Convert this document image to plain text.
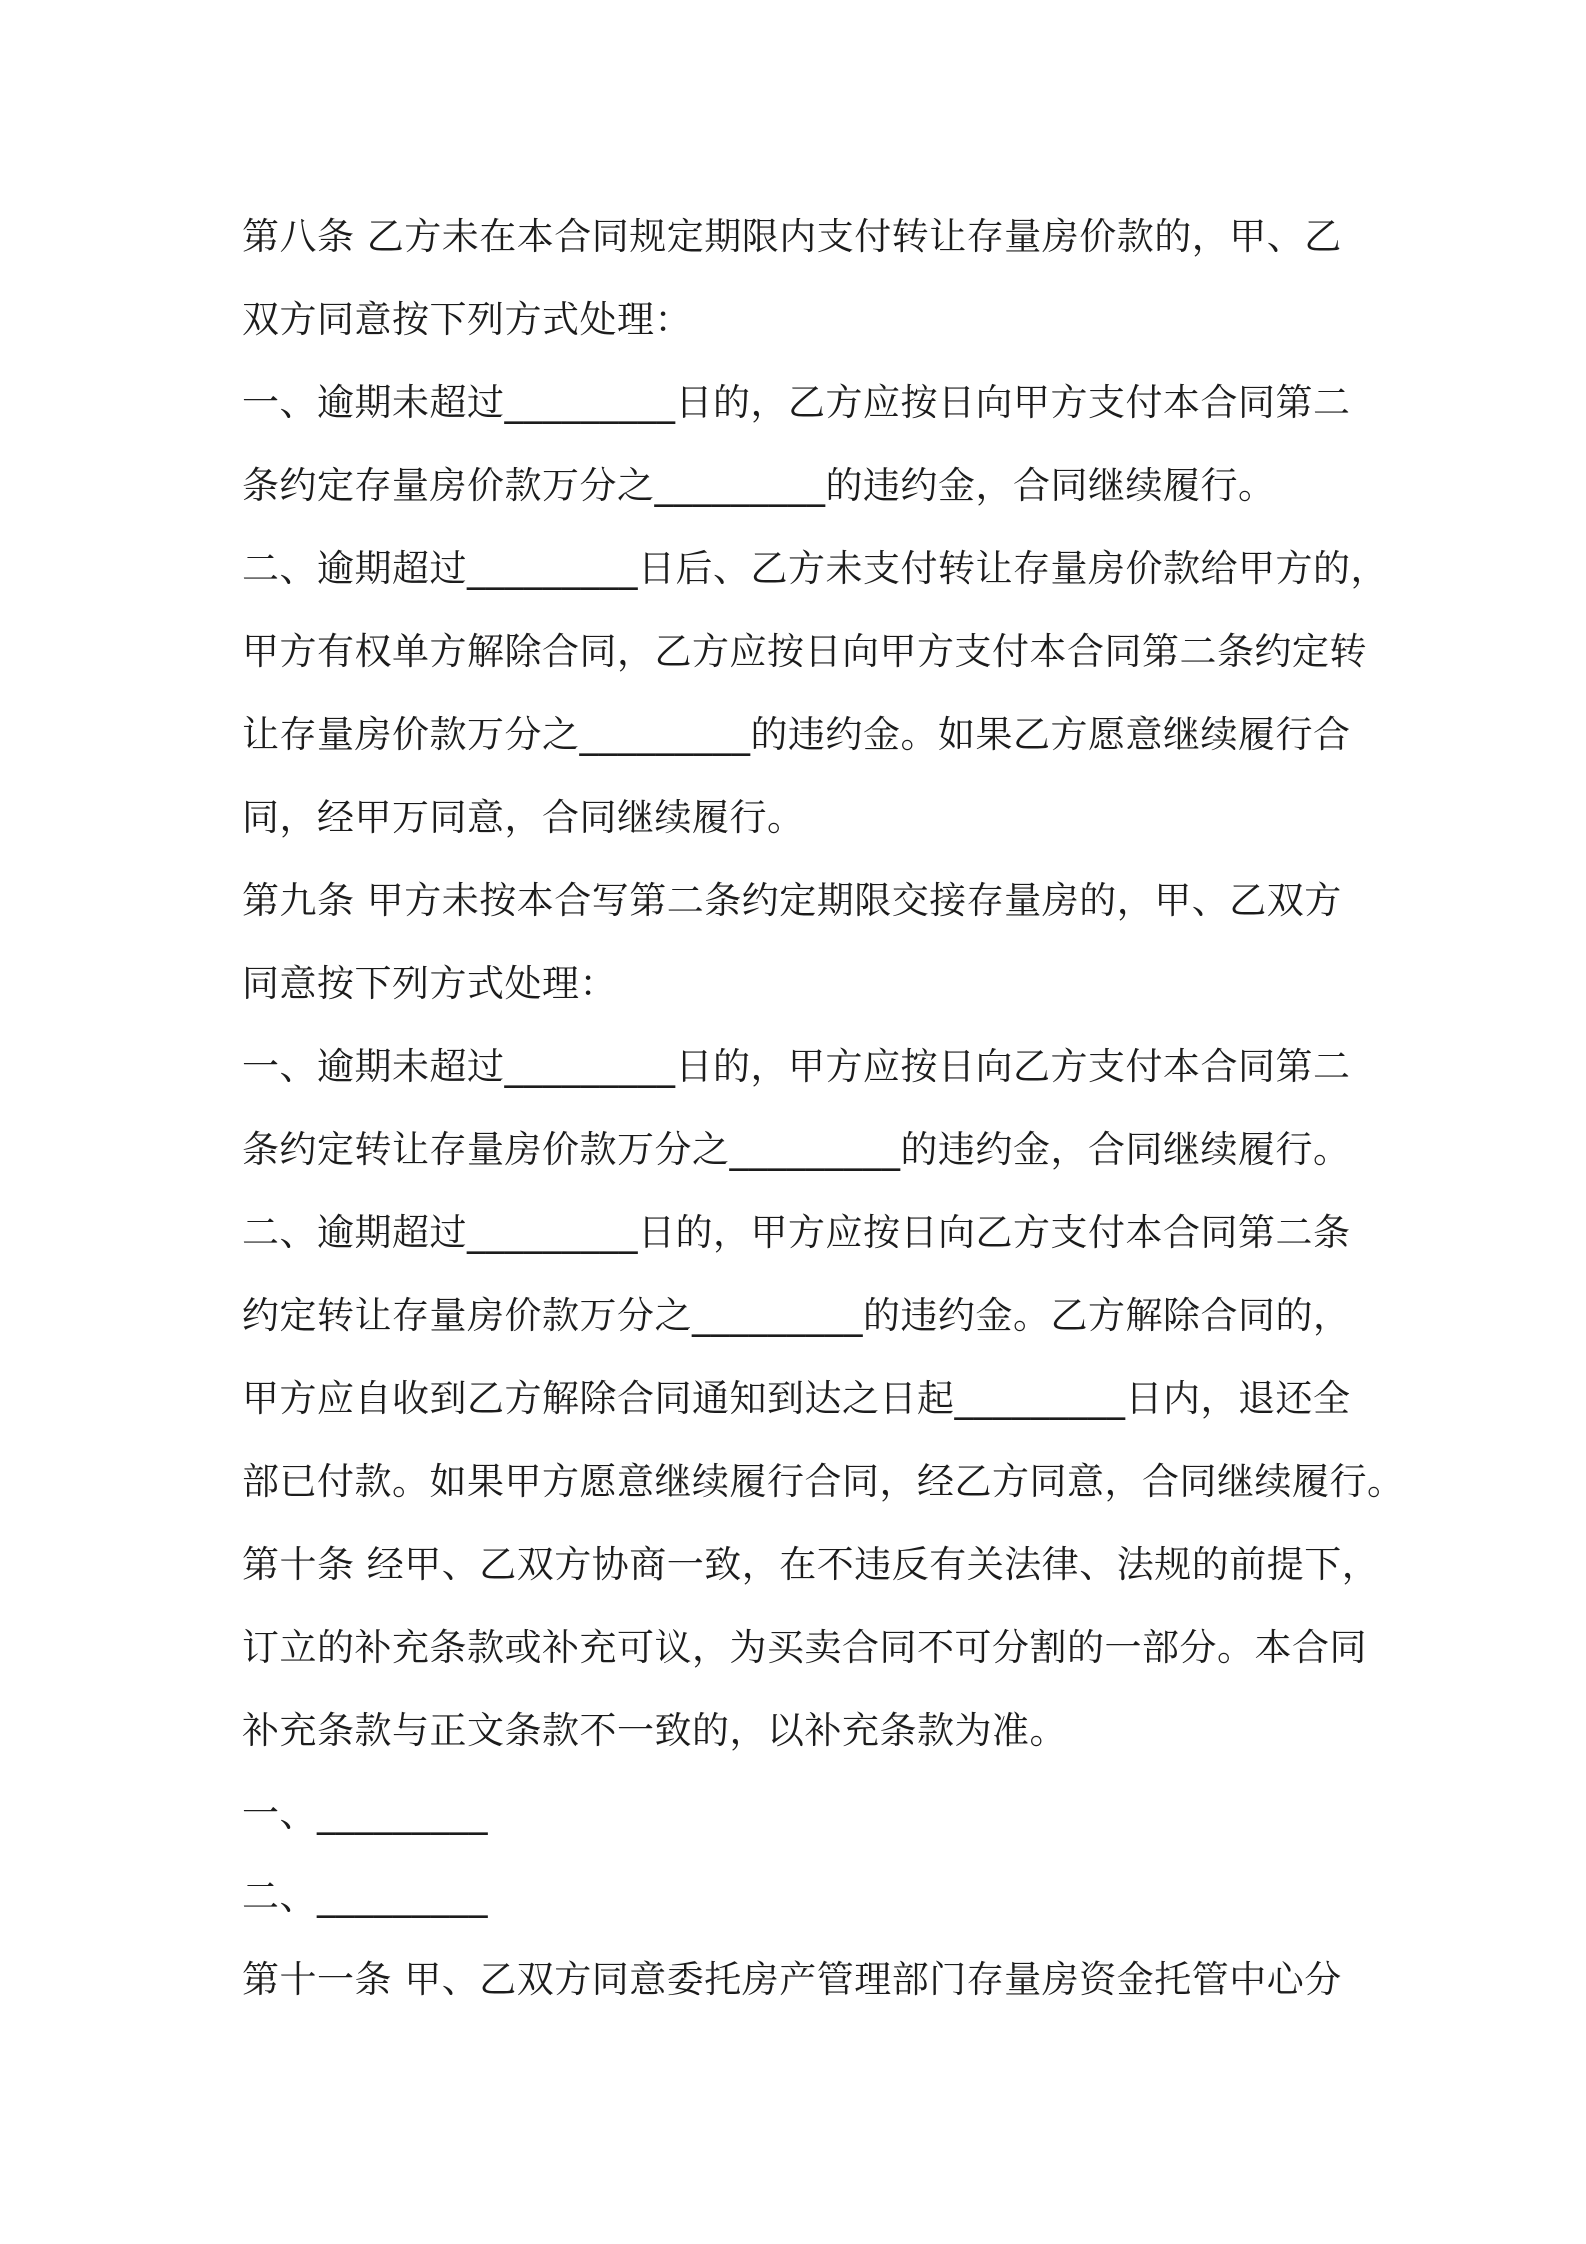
第八条 乙方未在本合同规定期限内支付转让存量房价款的，甲、乙
双方同意按下列方式处理：
一、逾期未超过_________日的，乙方应按日向甲方支付本合同第二
条约定存量房价款万分之_________的违约金，合同继续履行。
二、逾期超过_________日后、乙方未支付转让存量房价款给甲方的，
甲方有权单方解除合同，乙方应按日向甲方支付本合同第二条约定转
让存量房价款万分之_________的违约金。如果乙方愿意继续履行合
同，经甲万同意，合同继续履行。
第九条 甲方未按本合写第二条约定期限交接存量房的，甲、乙双方
同意按下列方式处理：
一、逾期未超过_________日的，甲方应按日向乙方支付本合同第二
条约定转让存量房价款万分之_________的违约金，合同继续履行。
二、逾期超过_________日的，甲方应按日向乙方支付本合同第二条
约定转让存量房价款万分之_________的违约金。乙方解除合同的，
甲方应自收到乙方解除合同通知到达之日起_________日内，退还全
部已付款。如果甲方愿意继续履行合同，经乙方同意，合同继续履行。
第十条 经甲、乙双方协商一致，在不违反有关法律、法规的前提下，
订立的补充条款或补充可议，为买卖合同不可分割的一部分。本合同
补充条款与正文条款不一致的，以补充条款为准。
一、_________
二、_________
第十一条 甲、乙双方同意委托房产管理部门存量房资金托管中心分
